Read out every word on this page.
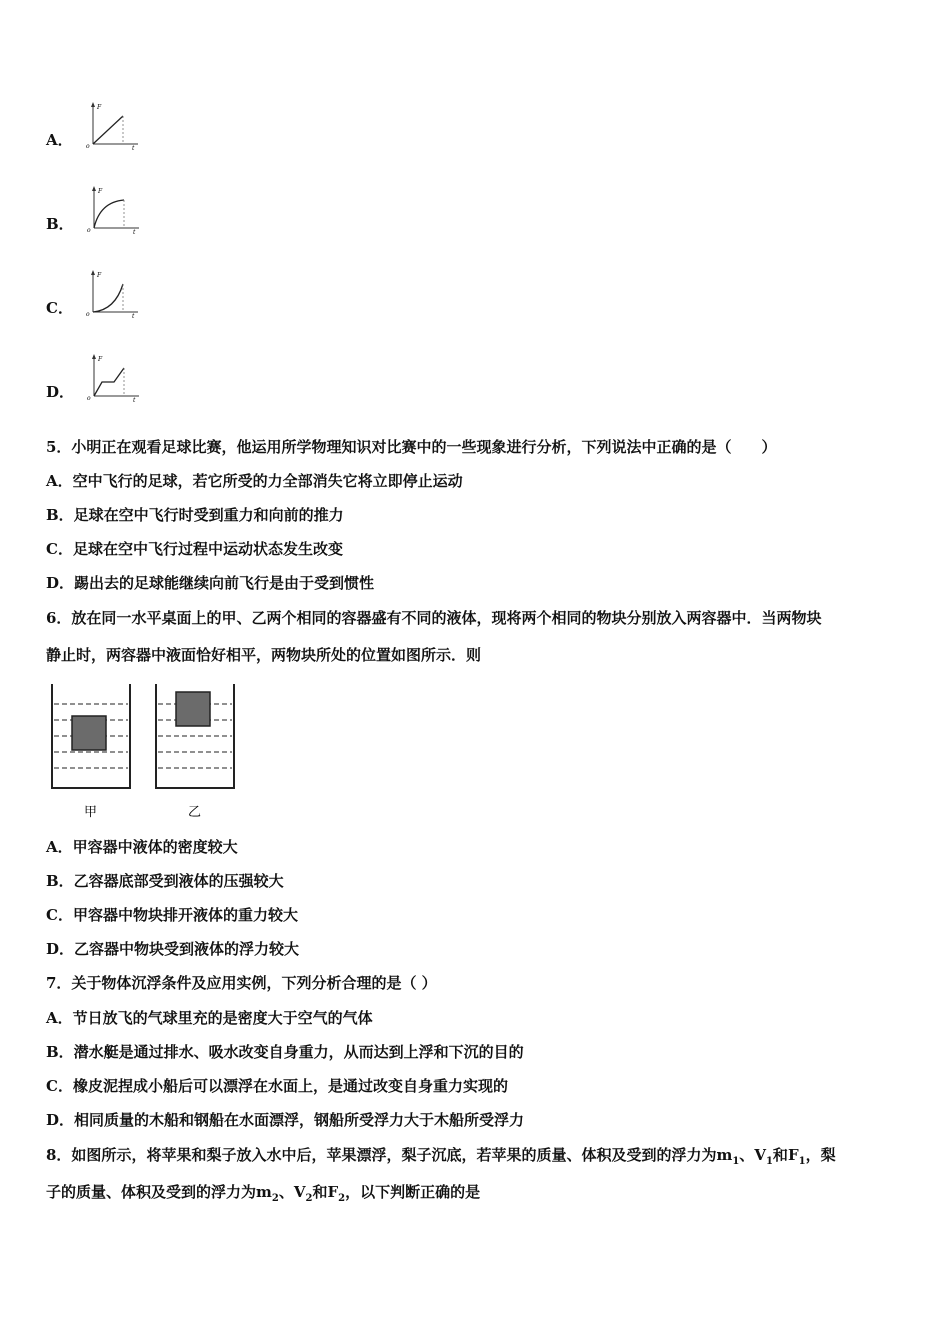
A．
F
o	t
B．
F
o	t
C．
F
o	t
D．
F
o	t
5．小明正在观看足球比赛，他运用所学物理知识对比赛中的一些现象进行分析，下列说法中正确的是（　　）
A．空中飞行的足球，若它所受的力全部消失它将立即停止运动
B．足球在空中飞行时受到重力和向前的推力
C．足球在空中飞行过程中运动状态发生改变
D．踢出去的足球能继续向前飞行是由于受到惯性
6．放在同一水平桌面上的甲、乙两个相同的容器盛有不同的液体，现将两个相同的物块分别放入两容器中．当两物块
静止时，两容器中液面恰好相平，两物块所处的位置如图所示．则
甲	乙
A．甲容器中液体的密度较大
B．乙容器底部受到液体的压强较大
C．甲容器中物块排开液体的重力较大
D．乙容器中物块受到液体的浮力较大
7．关于物体沉浮条件及应用实例，下列分析合理的是（ ）
A．节日放飞的气球里充的是密度大于空气的气体
B．潜水艇是通过排水、吸水改变自身重力，从而达到上浮和下沉的目的
C．橡皮泥捏成小船后可以漂浮在水面上，是通过改变自身重力实现的
D．相同质量的木船和钢船在水面漂浮，钢船所受浮力大于木船所受浮力
8．如图所示，将苹果和梨子放入水中后，苹果漂浮，梨子沉底，若苹果的质量、体积及受到的浮力为$m_1$、$V_1$和$F_1$，梨
子的质量、体积及受到的浮力为$m_2$、$V_2$和$F_2$，以下判断正确的是
